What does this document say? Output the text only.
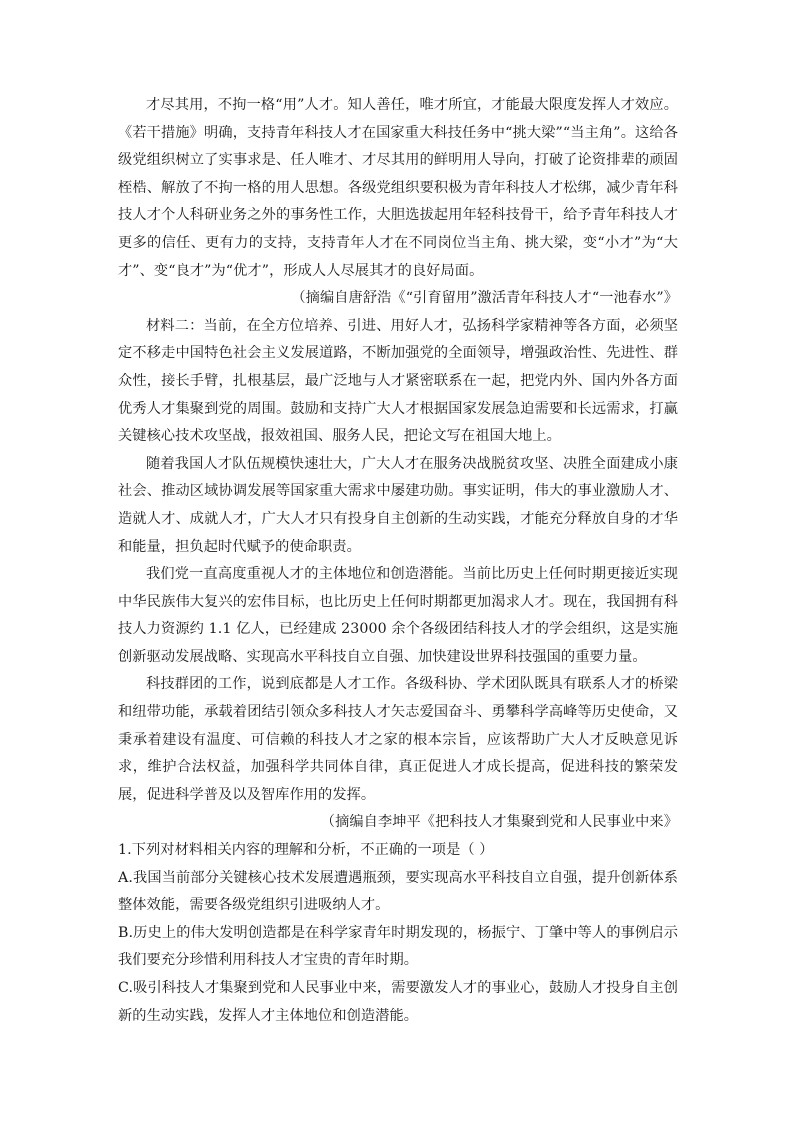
才尽其用，不拘一格“用”人才。知人善任，唯才所宜，才能最大限度发挥人才效应。《若干措施》明确，支持青年科技人才在国家重大科技任务中“挑大梁”“当主角”。这给各级党组织树立了实事求是、任人唯才、才尽其用的鲜明用人导向，打破了论资排辈的顽固桎梏、解放了不拘一格的用人思想。各级党组织要积极为青年科技人才松绑，减少青年科技人才个人科研业务之外的事务性工作，大胆选拔起用年轻科技骨干，给予青年科技人才更多的信任、更有力的支持，支持青年人才在不同岗位当主角、挑大梁，变“小才”为“大才”、变“良才”为“优才”，形成人人尽展其才的良好局面。

（摘编自唐舒浩《“引育留用”激活青年科技人才“一池春水”》

材料二：当前，在全方位培养、引进、用好人才，弘扬科学家精神等各方面，必须坚定不移走中国特色社会主义发展道路，不断加强党的全面领导，增强政治性、先进性、群众性，接长手臂，扎根基层，最广泛地与人才紧密联系在一起，把党内外、国内外各方面优秀人才集聚到党的周围。鼓励和支持广大人才根据国家发展急迫需要和长远需求，打赢关键核心技术攻坚战，报效祖国、服务人民，把论文写在祖国大地上。

随着我国人才队伍规模快速壮大，广大人才在服务决战脱贫攻坚、决胜全面建成小康社会、推动区域协调发展等国家重大需求中屡建功勋。事实证明，伟大的事业激励人才、造就人才、成就人才，广大人才只有投身自主创新的生动实践，才能充分释放自身的才华和能量，担负起时代赋予的使命职责。

我们党一直高度重视人才的主体地位和创造潜能。当前比历史上任何时期更接近实现中华民族伟大复兴的宏伟目标，也比历史上任何时期都更加渴求人才。现在，我国拥有科技人力资源约 1.1 亿人，已经建成 23000 余个各级团结科技人才的学会组织，这是实施创新驱动发展战略、实现高水平科技自立自强、加快建设世界科技强国的重要力量。

科技群团的工作，说到底都是人才工作。各级科协、学术团队既具有联系人才的桥梁和纽带功能，承载着团结引领众多科技人才矢志爱国奋斗、勇攀科学高峰等历史使命，又秉承着建设有温度、可信赖的科技人才之家的根本宗旨，应该帮助广大人才反映意见诉求，维护合法权益，加强科学共同体自律，真正促进人才成长提高，促进科技的繁荣发展，促进科学普及以及智库作用的发挥。

（摘编自李坤平《把科技人才集聚到党和人民事业中来》

1.下列对材料相关内容的理解和分析，不正确的一项是（ ）

A.我国当前部分关键核心技术发展遭遇瓶颈，要实现高水平科技自立自强，提升创新体系整体效能，需要各级党组织引进吸纳人才。

B.历史上的伟大发明创造都是在科学家青年时期发现的，杨振宁、丁肇中等人的事例启示我们要充分珍惜利用科技人才宝贵的青年时期。

C.吸引科技人才集聚到党和人民事业中来，需要激发人才的事业心，鼓励人才投身自主创新的生动实践，发挥人才主体地位和创造潜能。
